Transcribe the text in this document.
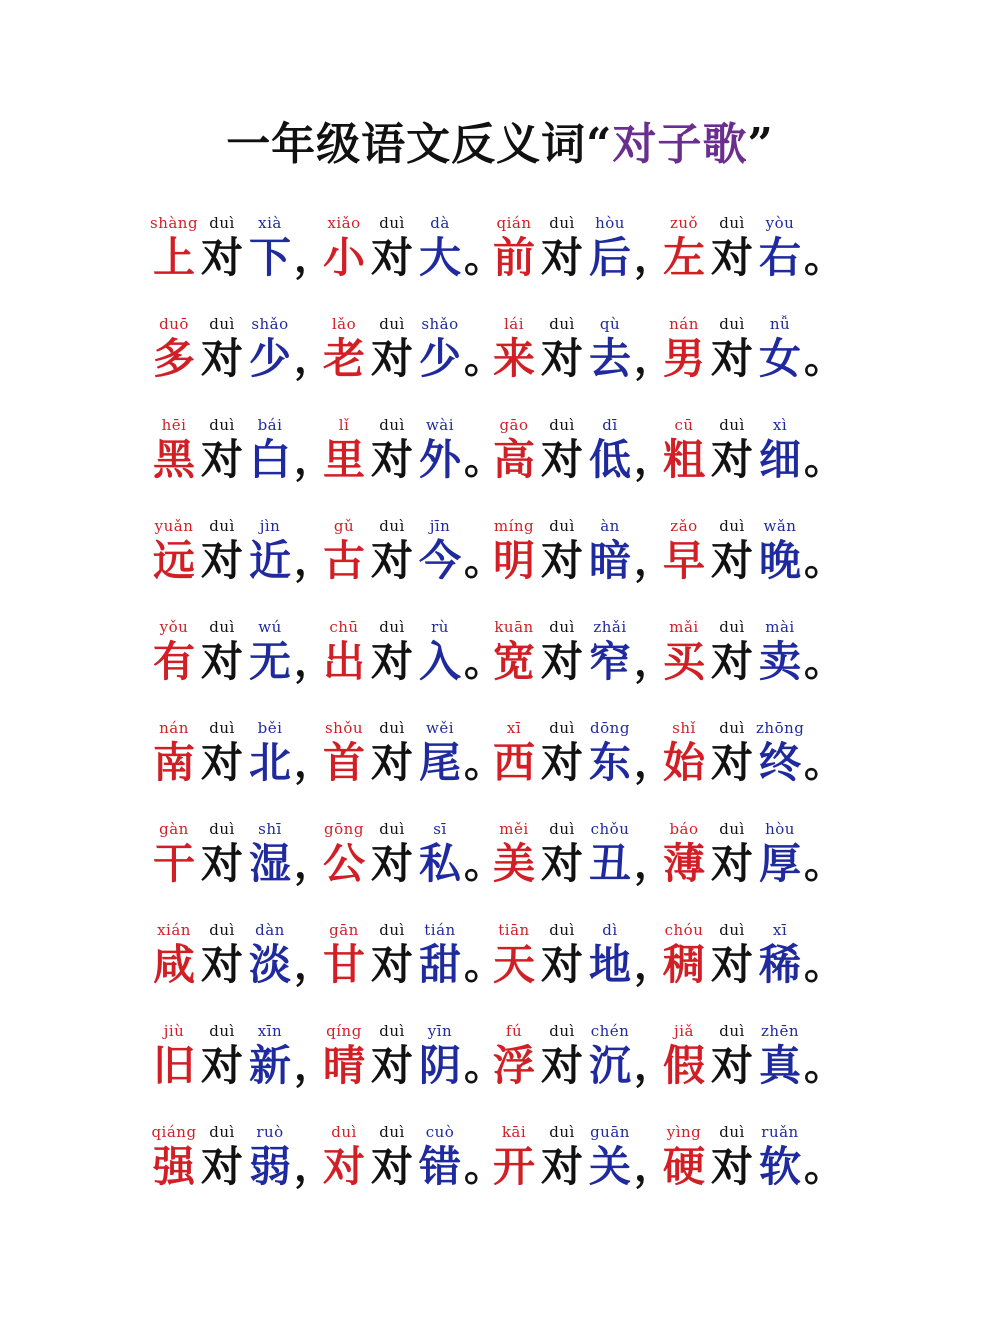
一年级语文反义词“对子歌”
shàng
上
duì
对
xià
下 ，
xiǎo
小
duì
对
dà
大 。
qián
前
duì
对
hòu
后 ，
zuǒ
左
duì
对
yòu
右 。
duō
多
duì
对
shǎo
少 ，
lǎo
老
duì
对
shǎo
少 。
lái
来
duì
对
qù
去 ，
nán
男
duì
对
nǚ
女 。
hēi
黑
duì
对
bái
白 ，
lǐ
里
duì
对
wài
外 。
gāo
高
duì
对
dī
低 ，
cū
粗
duì
对
xì
细 。
yuǎn
远
duì
对
jìn
近 ，
gǔ
古
duì
对
jīn
今 。
míng
明
duì
对
àn
暗 ，
zǎo
早
duì
对
wǎn
晚 。
yǒu
有
duì
对
wú
无 ，
chū
出
duì
对
rù
入 。
kuān
宽
duì
对
zhǎi
窄 ，
mǎi
买
duì
对
mài
卖 。
nán
南
duì
对
běi
北 ，
shǒu
首
duì
对
wěi
尾 。
xī
西
duì
对
dōng
东 ，
shǐ
始
duì
对
zhōng
终 。
gàn
干
duì
对
shī
湿 ，
gōng
公
duì
对
sī
私 。
měi
美
duì
对
chǒu
丑 ，
báo
薄
duì
对
hòu
厚 。
xián
咸
duì
对
dàn
淡 ，
gān
甘
duì
对
tián
甜 。
tiān
天
duì
对
dì
地 ，
chóu
稠
duì
对
xī
稀 。
jiù
旧
duì
对
xīn
新 ，
qíng
晴
duì
对
yīn
阴 。
fú
浮
duì
对
chén
沉 ，
jiǎ
假
duì
对
zhēn
真 。
qiáng
强
duì
对
ruò
弱 ，
duì
对
duì
对
cuò
错 。
kāi
开
duì
对
guān
关 ，
yìng
硬
duì
对
ruǎn
软 。
